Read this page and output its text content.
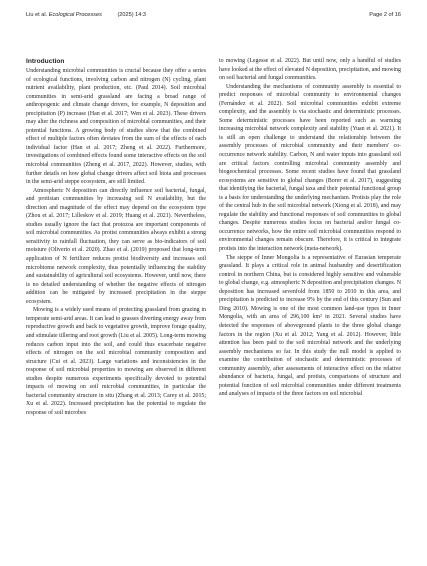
Liu et al. Ecological Processes	(2025) 14:3	Page 2 of 16
Introduction

Understanding microbial communities is crucial because they offer a series of ecological functions, involving carbon and nitrogen (N) cycling, plant nutrient availability, plant production, etc. (Paul 2014). Soil microbial communities in semi-arid grassland are facing a broad range of anthropogenic and climate change drivers, for example, N deposition and precipitation (P) increase (Han et al. 2017; Wen et al. 2023). These drivers may alter the richness and composition of microbial communities, and their potential functions. A growing body of studies show that the combined effect of multiple factors often deviates from the sum of the effects of each individual factor (Han et al. 2017; Zheng et al. 2022). Furthermore, investigations of combined effects found some interactive effects on the soil microbial communities (Zheng et al. 2017, 2022). However, studies, with further details on how global change drivers affect soil biota and processes in the semi-arid steppe ecosystem, are still limited.

Atmospheric N deposition can directly influence soil bacterial, fungal, and protistan communities by increasing soil N availability, but the direction and magnitude of the effect may depend on the ecosystem type (Zhou et al. 2017; Lilleskov et al. 2019; Huang et al. 2021). Nevertheless, studies usually ignore the fact that protozoa are important components of soil microbial communities. As protist communities always exhibit a strong sensitivity to rainfall fluctuation, they can serve as bio-indicators of soil moisture (Oliverio et al. 2020). Zhao et al. (2019) proposed that long-term application of N fertilizer reduces protist biodiversity and increases soil microbiome network complexity, thus potentially influencing the stability and sustainability of agricultural soil ecosystems. However, until now, there is no detailed understanding of whether the negative effects of nitrogen addition can be mitigated by increased precipitation in the steppe ecosystem.

Mowing is a widely used means of protecting grassland from grazing in temperate semi-arid areas. It can lead to grasses diverting energy away from reproductive growth and back to vegetative growth, improve forage quality, and stimulate tillering and root growth (Liu et al. 2005). Long-term mowing reduces carbon input into the soil, and could thus exacerbate negative effects of nitrogen on the soil microbial community composition and structure (Cui et al. 2023). Large variations and inconsistencies in the response of soil microbial properties to mowing are observed in different studies despite numerous experiments specifically devoted to potential impacts of mowing on soil microbial communities, in particular the bacterial community structure in situ (Zhang et al. 2013; Carey et al. 2015; Xu et al. 2022). Increased precipitation has the potential to regulate the response of soil microbes

to mowing (Legesse et al. 2022). But until now, only a handful of studies have looked at the effect of elevated N deposition, precipitation, and mowing on soil bacterial and fungal communities.

Understanding the mechanisms of community assembly is essential to predict responses of microbial community to environmental changes (Fernández et al. 2022). Soil microbial communities exhibit extreme complexity, and the assembly is via stochastic and deterministic processes. Some deterministic processes have been reported such as warming increasing microbial network complexity and stability (Yuan et al. 2021). It is still an open challenge to understand the relationship between the assembly processes of microbial community and their members' co-occurrence network stability. Carbon, N and water inputs into grassland soil are critical factors controlling microbial community assembly and biogeochemical processes. Some recent studies have found that grassland ecosystems are sensitive to global changes (Borer et al. 2017), suggesting that identifying the bacterial, fungal taxa and their potential functional group is a basis for understanding the underlying mechanism. Protists play the role of the central hub in the soil microbial network (Xiong et al. 2018), and may regulate the stability and functional responses of soil communities to global changes. Despite numerous studies focus on bacterial and/or fungal co-occurrence networks, how the entire soil microbial communities respond to environmental changes remain obscure. Therefore, it is critical to integrate protists into the interaction network (meta-network).

The steppe of Inner Mongolia is a representative of Eurasian temperate grassland. It plays a critical role in animal husbandry and desertification control in northern China, but is considered highly sensitive and vulnerable to global change, e.g. atmospheric N deposition and precipitation changes. N deposition has increased sevenfold from 1850 to 2010 in this area, and precipitation is predicted to increase 9% by the end of this century (Sun and Ding 2010). Mowing is one of the most common land-use types in Inner Mongolia, with an area of 296,100 km² in 2021. Several studies have detected the responses of aboveground plants to the three global change factors in the region (Xu et al. 2012; Yang et al. 2012). However, little attention has been paid to the soil microbial network and the underlying assembly mechanisms so far. In this study the null model is applied to examine the contribution of stochastic and deterministic processes of community assembly, after assessments of interactive effect on the relative abundance of bacteria, fungal, and protists, comparisons of structure and potential function of soil microbial communities under different treatments and analyses of impacts of the three factors on soil microbial
